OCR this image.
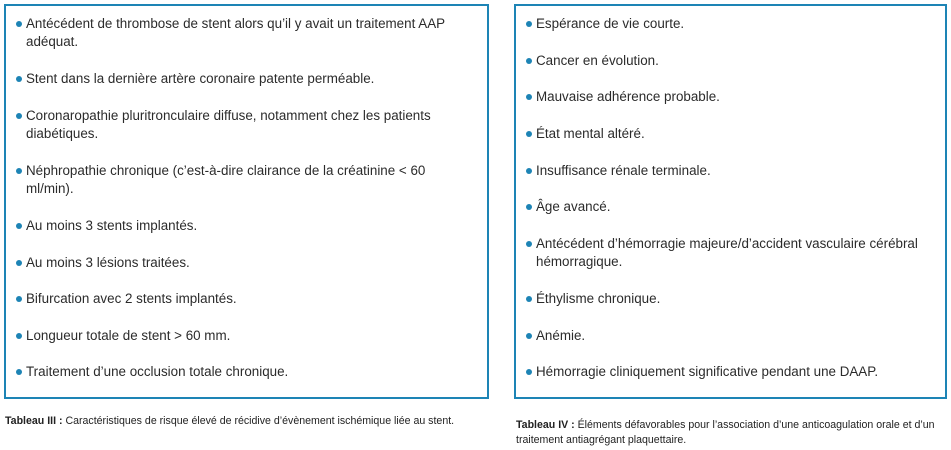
Antécédent de thrombose de stent alors qu’il y avait un traitement AAP adéquat.
Stent dans la dernière artère coronaire patente perméable.
Coronaropathie pluritronculaire diffuse, notamment chez les patients diabétiques.
Néphropathie chronique (c’est-à-dire clairance de la créatinine < 60 ml/min).
Au moins 3 stents implantés.
Au moins 3 lésions traitées.
Bifurcation avec 2 stents implantés.
Longueur totale de stent > 60 mm.
Traitement d’une occlusion totale chronique.
Espérance de vie courte.
Cancer en évolution.
Mauvaise adhérence probable.
État mental altéré.
Insuffisance rénale terminale.
Âge avancé.
Antécédent d’hémorragie majeure/d’accident vasculaire cérébral hémorragique.
Éthylisme chronique.
Anémie.
Hémorragie cliniquement significative pendant une DAAP.
Tableau III : Caractéristiques de risque élevé de récidive d’évènement ischémique liée au stent.	Tableau IV : Éléments défavorables pour l’association d’une anticoagulation orale et d’un traitement antiagrégant plaquettaire.
